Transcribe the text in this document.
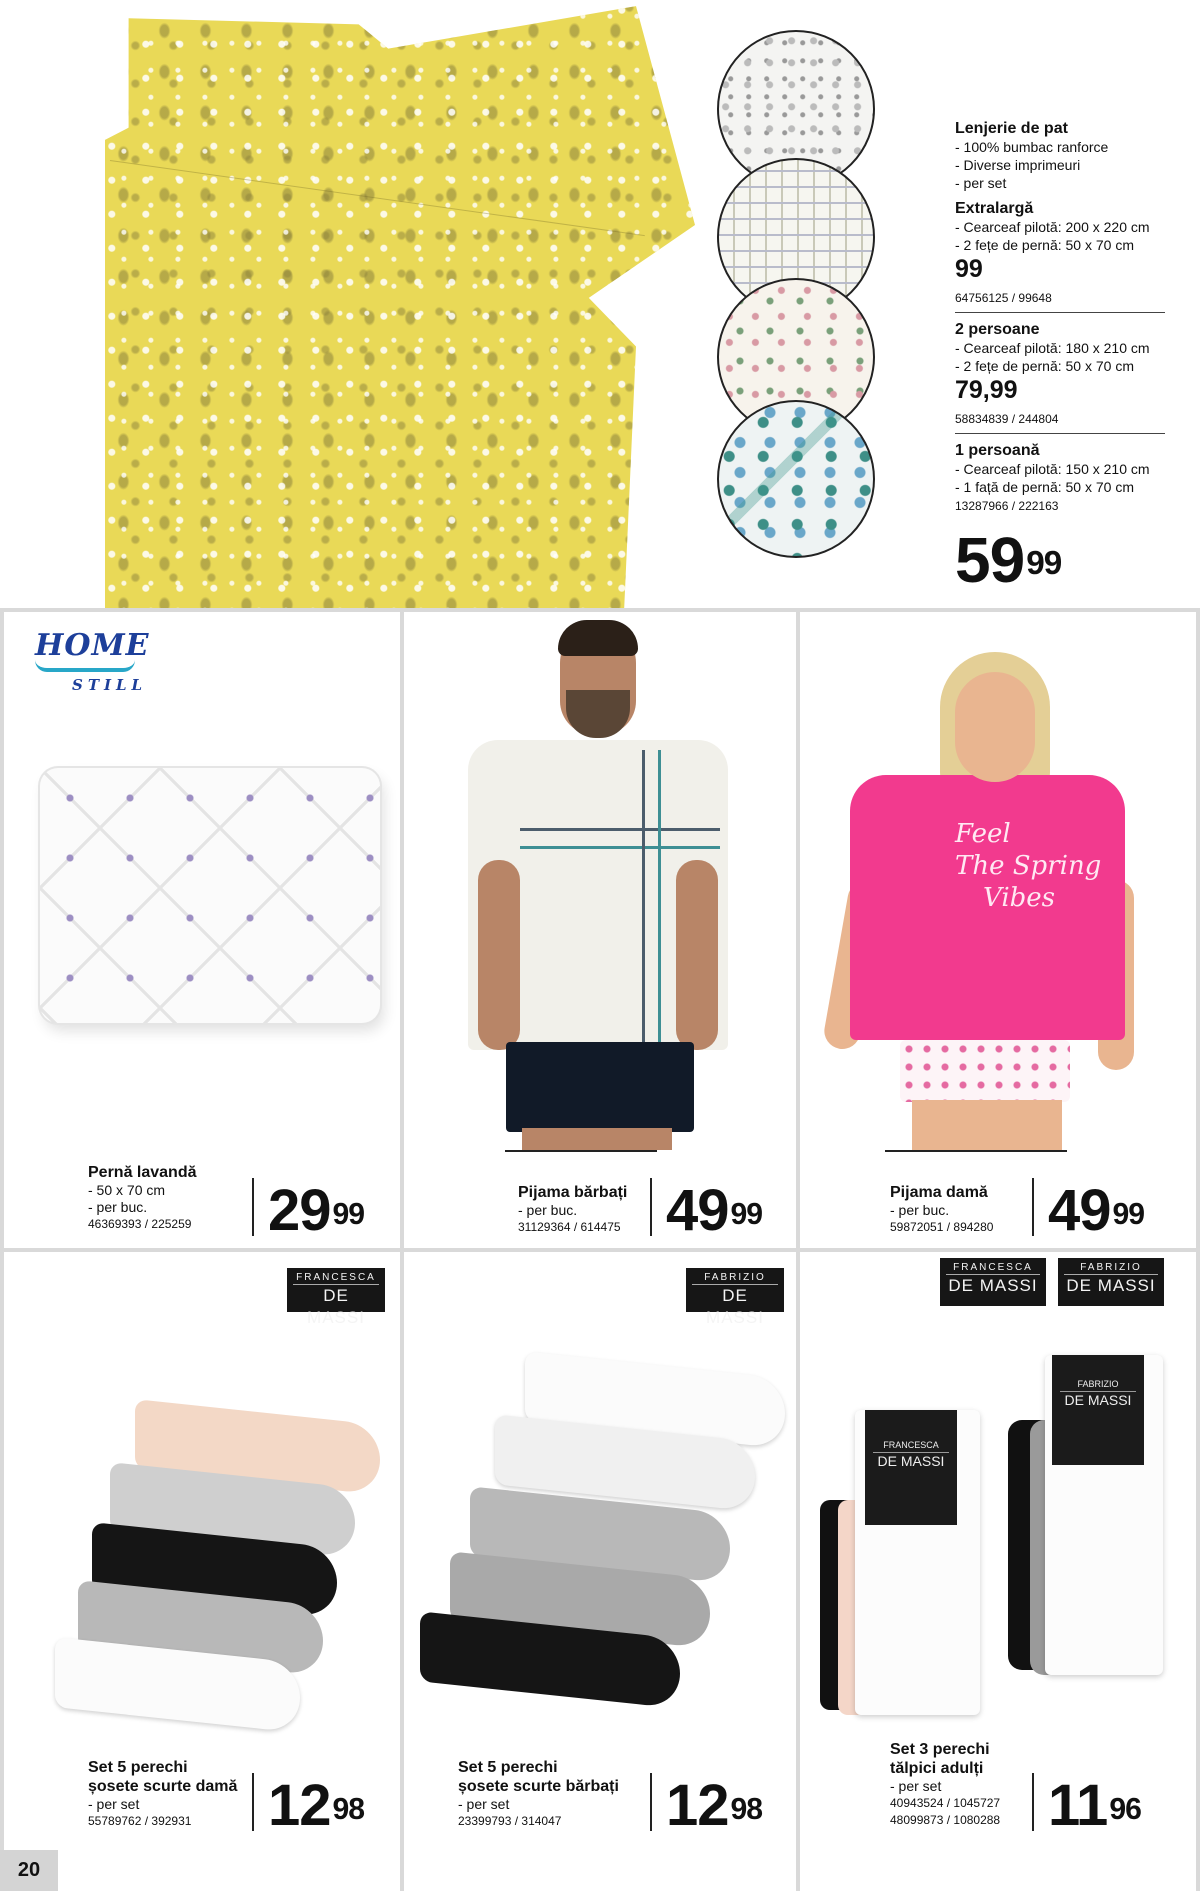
Lenjerie de pat
- 100% bumbac ranforce
- Diverse imprimeuri
- per set
Extralargă
- Cearceaf pilotă: 200 x 220 cm
- 2 fețe de pernă: 50 x 70 cm
99
64756125 / 99648
2 persoane
- Cearceaf pilotă: 180 x 210 cm
- 2 fețe de pernă: 50 x 70 cm
79,99
58834839 / 244804
1 persoană
- Cearceaf pilotă: 150 x 210 cm
- 1 față de pernă: 50 x 70 cm
13287966 / 222163
$59^{99}$
HOME
STILL
Pernă lavandă
- 50 x 70 cm
- per buc.
46369393 / 225259	$29^{99}$
Pijama bărbați
- per buc.
31129364 / 614475 $49^{99}$
Feel
The Spring
Vibes
Pijama damă
- per buc.
59872051 / 894280 $49^{99}$
FRANCESCA
DE MASSI
Set 5 perechi
șosete scurte damă
- per set
55789762 / 392931	$12^{98}$
FABRIZIO
DE MASSI
Set 5 perechi
șosete scurte bărbați
- per set
23399793 / 314047	$12^{98}$
FRANCESCA
DE MASSI
FABRIZIO
DE MASSI
FRANCESCA
DE MASSI
FABRIZIO
DE MASSI
Set 3 perechi
tălpici adulți
- per set
40943524 / 1045727
48099873 / 1080288 $11^{96}$
20
